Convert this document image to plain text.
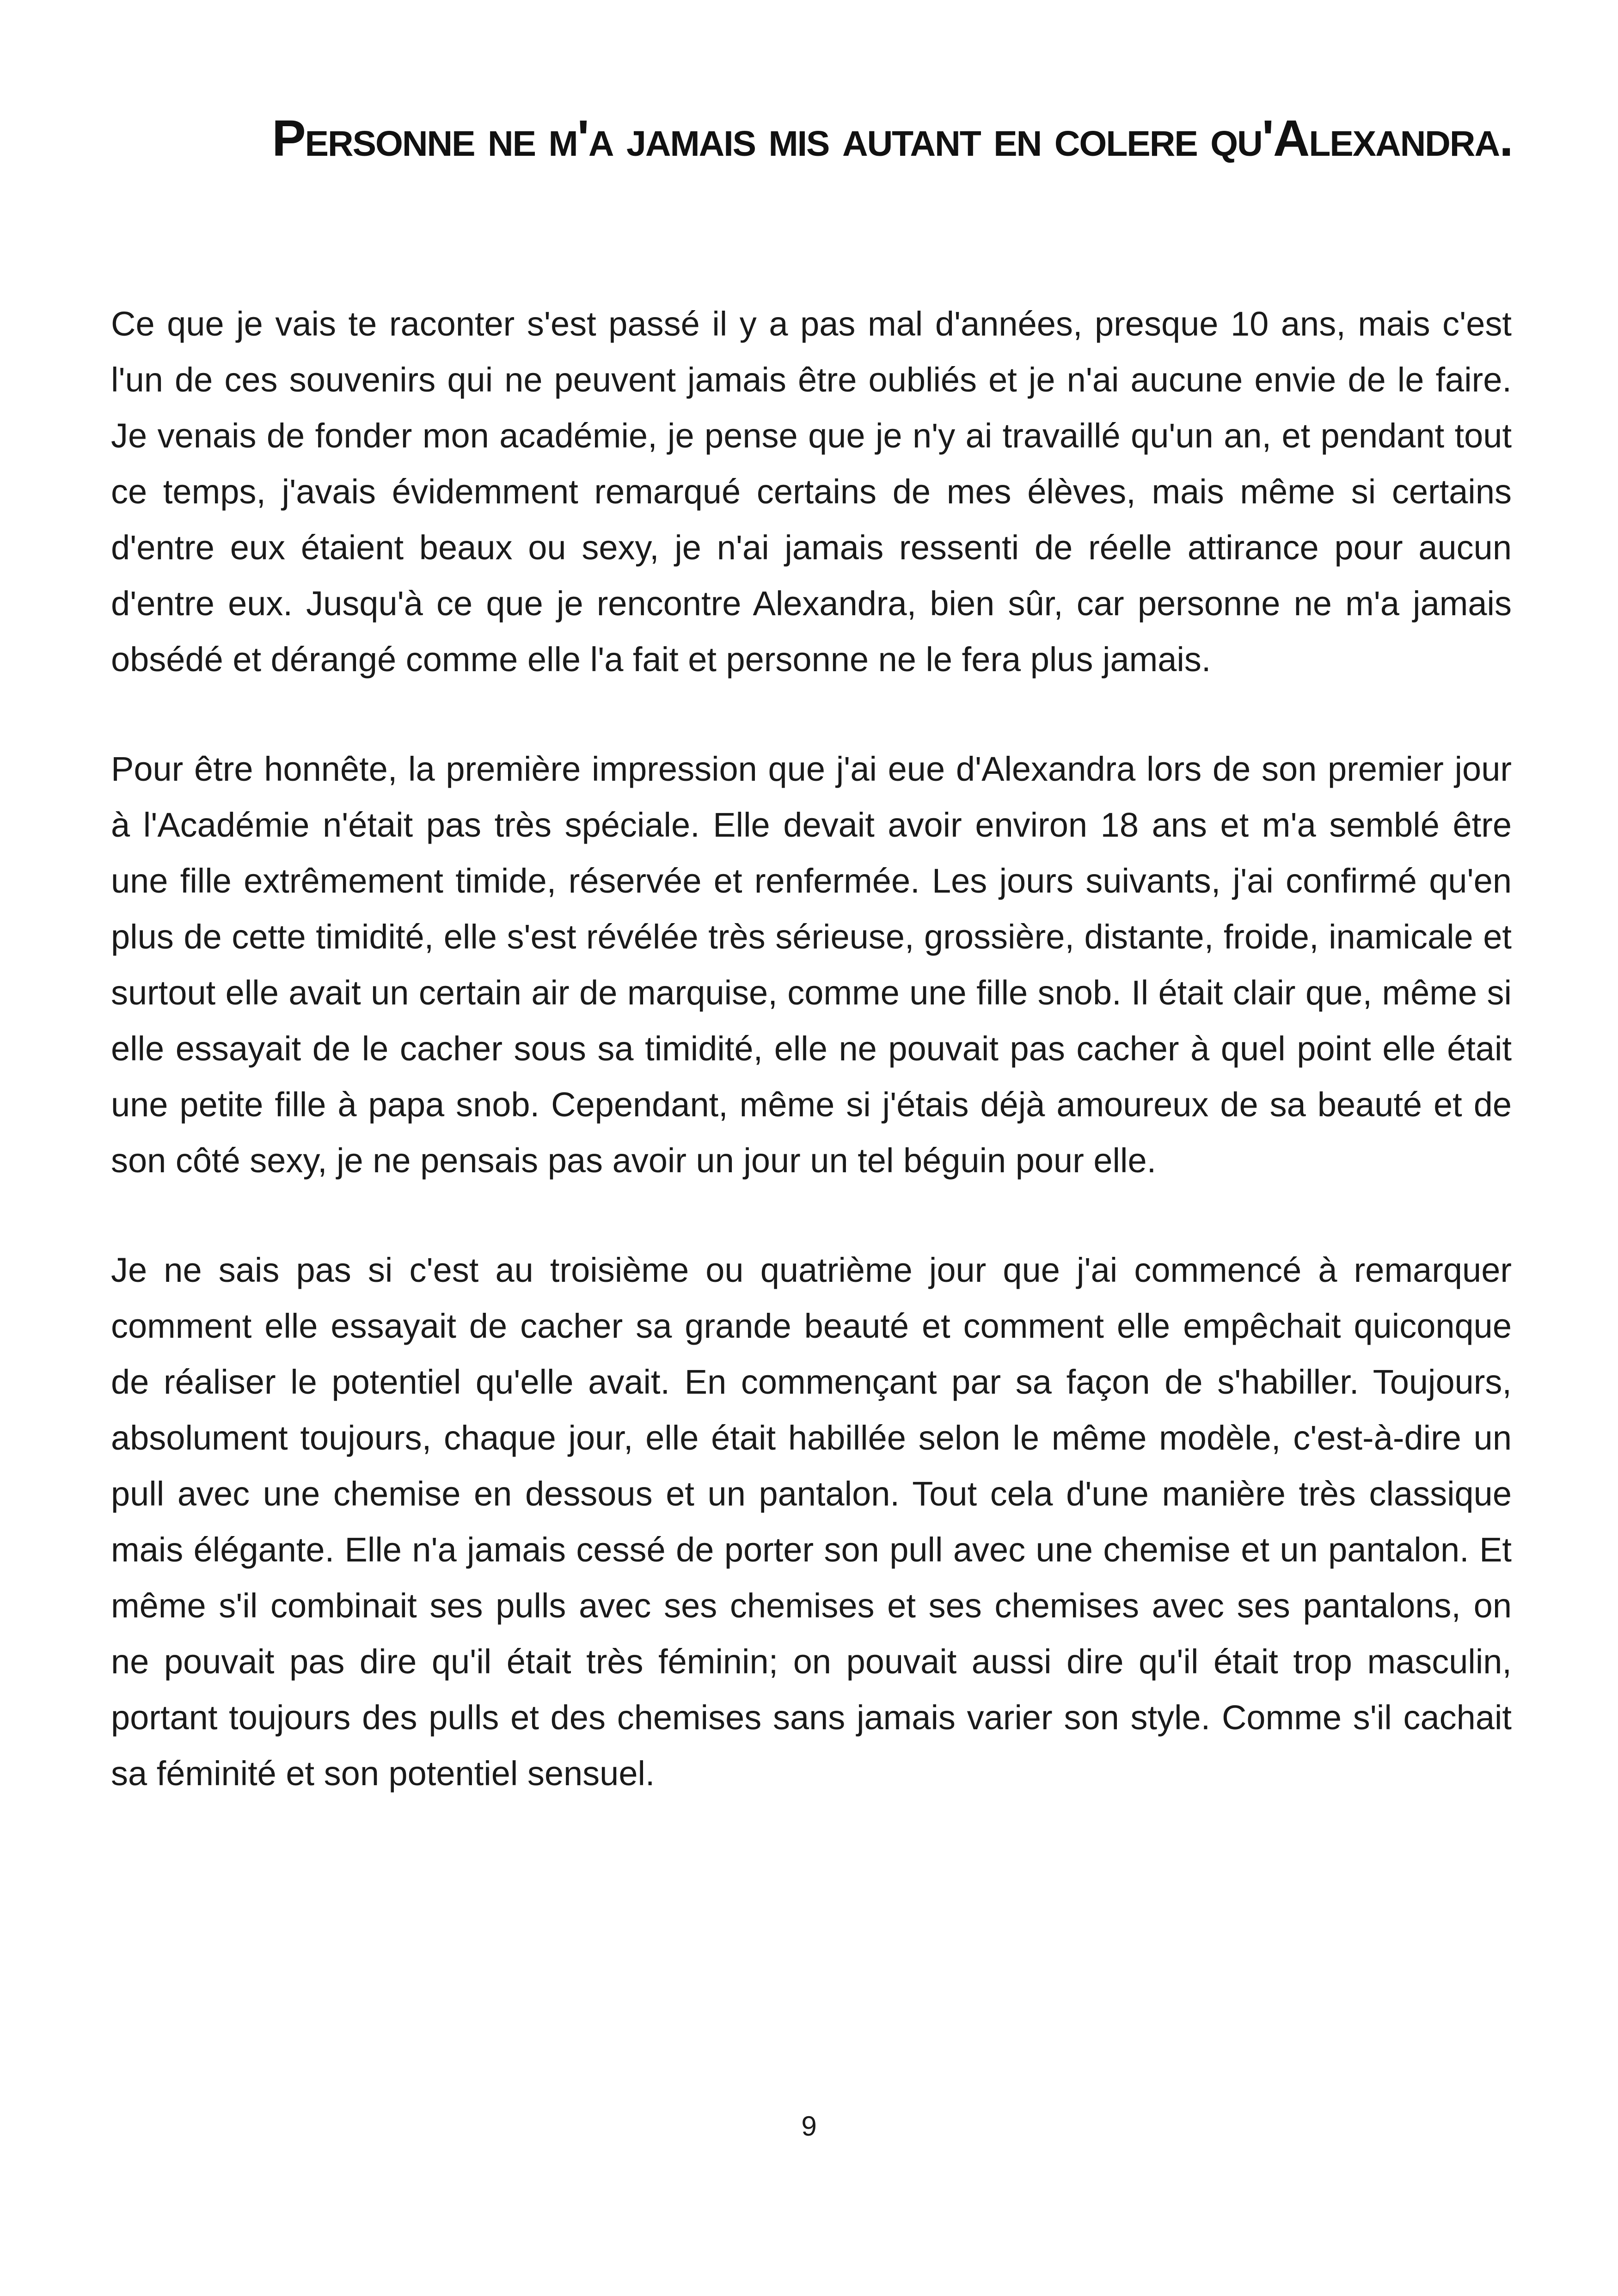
Personne ne m'a jamais mis autant en colere qu'Alexandra.

Ce que je vais te raconter s'est passé il y a pas mal d'années, presque 10 ans, mais c'est l'un de ces souvenirs qui ne peuvent jamais être oubliés et je n'ai aucune envie de le faire. Je venais de fonder mon académie, je pense que je n'y ai travaillé qu'un an, et pendant tout ce temps, j'avais évidemment remarqué certains de mes élèves, mais même si certains d'entre eux étaient beaux ou sexy, je n'ai jamais ressenti de réelle attirance pour aucun d'entre eux. Jusqu'à ce que je rencontre Alexandra, bien sûr, car personne ne m'a jamais obsédé et dérangé comme elle l'a fait et personne ne le fera plus jamais.

Pour être honnête, la première impression que j'ai eue d'Alexandra lors de son premier jour à l'Académie n'était pas très spéciale. Elle devait avoir environ 18 ans et m'a semblé être une fille extrêmement timide, réservée et renfermée. Les jours suivants, j'ai confirmé qu'en plus de cette timidité, elle s'est révélée très sérieuse, grossière, distante, froide, inamicale et surtout elle avait un certain air de marquise, comme une fille snob. Il était clair que, même si elle essayait de le cacher sous sa timidité, elle ne pouvait pas cacher à quel point elle était une petite fille à papa snob. Cependant, même si j'étais déjà amoureux de sa beauté et de son côté sexy, je ne pensais pas avoir un jour un tel béguin pour elle.

Je ne sais pas si c'est au troisième ou quatrième jour que j'ai commencé à remarquer comment elle essayait de cacher sa grande beauté et comment elle empêchait quiconque de réaliser le potentiel qu'elle avait. En commençant par sa façon de s'habiller. Toujours, absolument toujours, chaque jour, elle était habillée selon le même modèle, c'est-à-dire un pull avec une chemise en dessous et un pantalon. Tout cela d'une manière très classique mais élégante. Elle n'a jamais cessé de porter son pull avec une chemise et un pantalon. Et même s'il combinait ses pulls avec ses chemises et ses chemises avec ses pantalons, on ne pouvait pas dire qu'il était très féminin; on pouvait aussi dire qu'il était trop masculin, portant toujours des pulls et des chemises sans jamais varier son style. Comme s'il cachait sa féminité et son potentiel sensuel.

9
